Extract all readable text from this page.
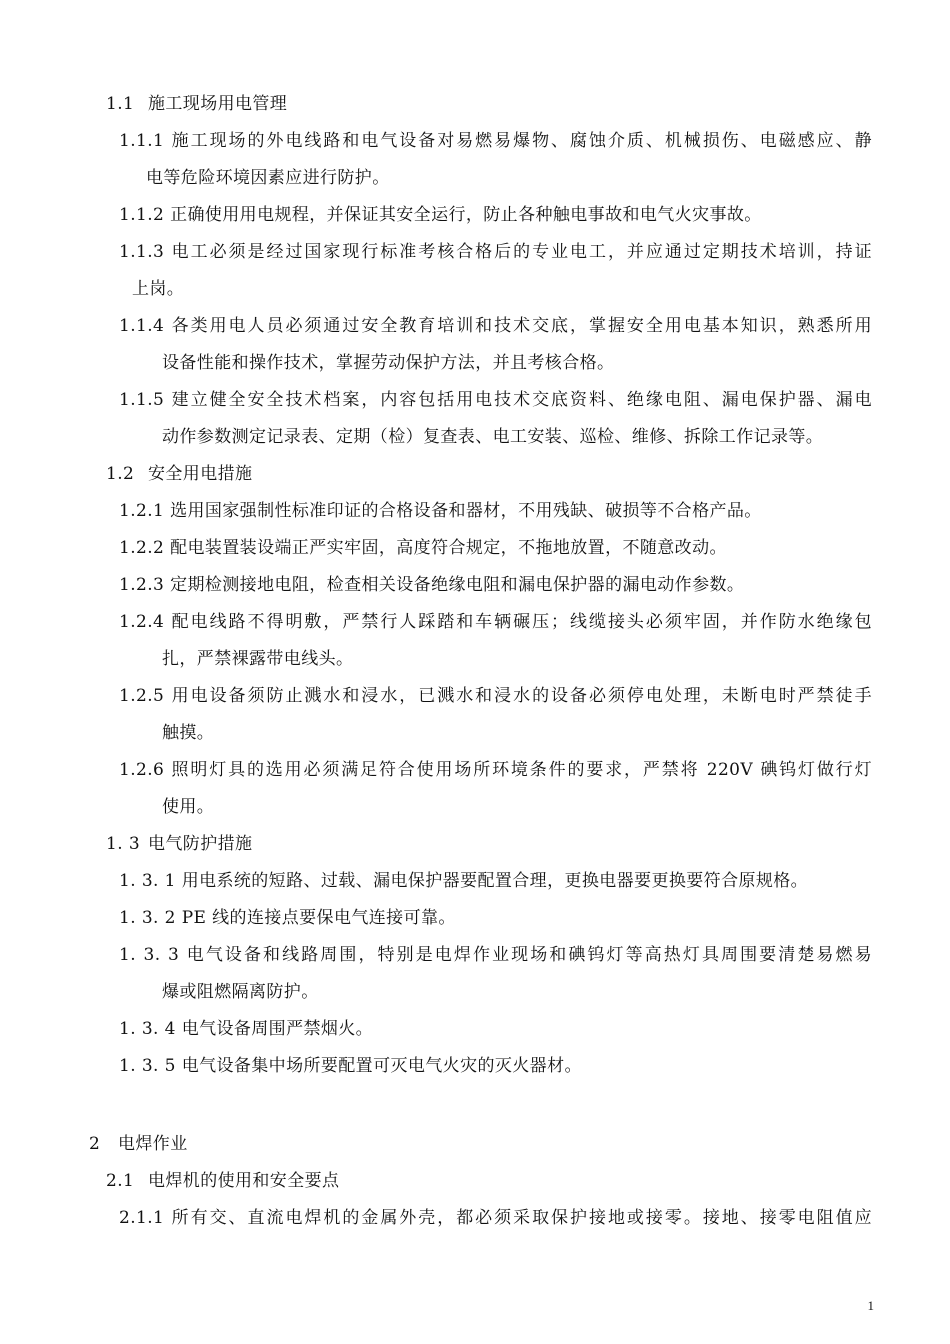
1.1 施工现场用电管理
1.1.1 施工现场的外电线路和电气设备对易燃易爆物、腐蚀介质、机械损伤、电磁感应、静
电等危险环境因素应进行防护。
1.1.2 正确使用用电规程，并保证其安全运行，防止各种触电事故和电气火灾事故。
1.1.3 电工必须是经过国家现行标准考核合格后的专业电工，并应通过定期技术培训，持证
上岗。
1.1.4 各类用电人员必须通过安全教育培训和技术交底，掌握安全用电基本知识，熟悉所用
设备性能和操作技术，掌握劳动保护方法，并且考核合格。
1.1.5 建立健全安全技术档案，内容包括用电技术交底资料、绝缘电阻、漏电保护器、漏电
动作参数测定记录表、定期（检）复查表、电工安装、巡检、维修、拆除工作记录等。
1.2 安全用电措施
1.2.1 选用国家强制性标准印证的合格设备和器材，不用残缺、破损等不合格产品。
1.2.2 配电装置装设端正严实牢固，高度符合规定，不拖地放置，不随意改动。
1.2.3 定期检测接地电阻，检查相关设备绝缘电阻和漏电保护器的漏电动作参数。
1.2.4 配电线路不得明敷，严禁行人踩踏和车辆碾压；线缆接头必须牢固，并作防水绝缘包
扎，严禁裸露带电线头。
1.2.5 用电设备须防止溅水和浸水，已溅水和浸水的设备必须停电处理，未断电时严禁徒手
触摸。
1.2.6 照明灯具的选用必须满足符合使用场所环境条件的要求，严禁将 220V 碘钨灯做行灯
使用。
1. 3 电气防护措施
1. 3. 1 用电系统的短路、过载、漏电保护器要配置合理，更换电器要更换要符合原规格。
1. 3. 2 PE 线的连接点要保电气连接可靠。
1. 3. 3 电气设备和线路周围，特别是电焊作业现场和碘钨灯等高热灯具周围要清楚易燃易
爆或阻燃隔离防护。
1. 3. 4 电气设备周围严禁烟火。
1. 3. 5 电气设备集中场所要配置可灭电气火灾的灭火器材。
2 电焊作业
2.1 电焊机的使用和安全要点
2.1.1 所有交、直流电焊机的金属外壳，都必须采取保护接地或接零。接地、接零电阻值应
1
